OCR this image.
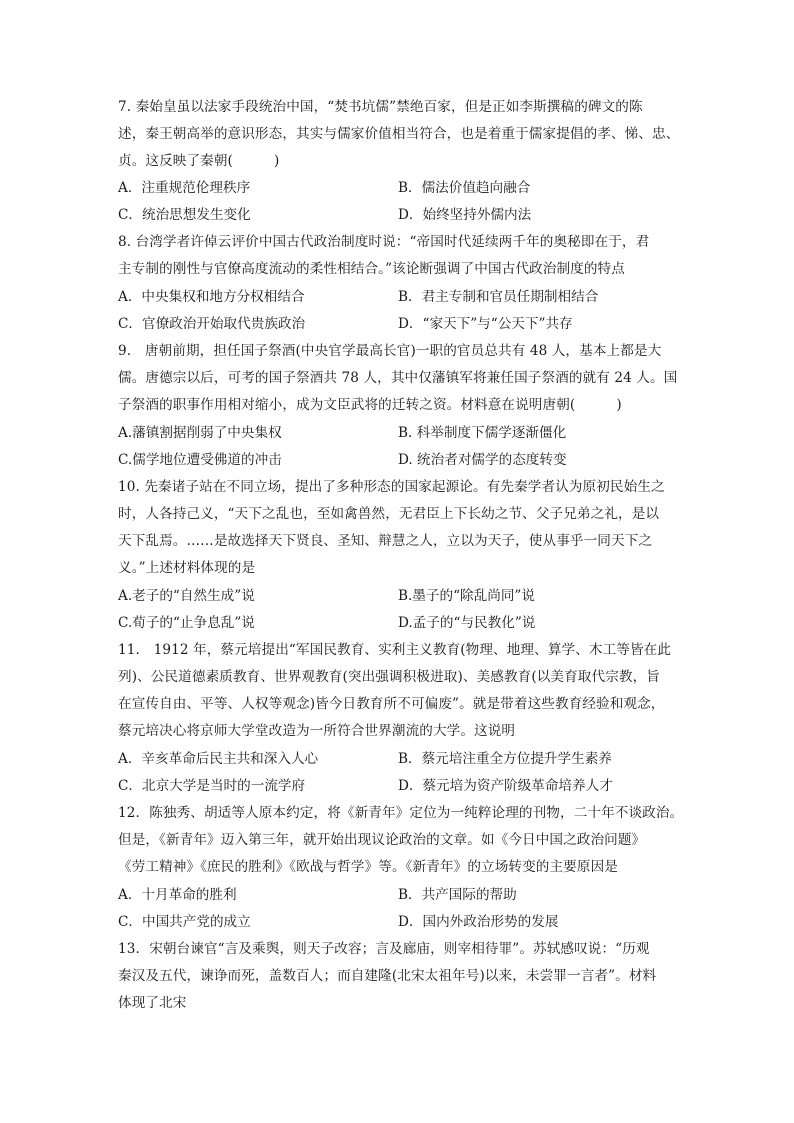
7. 秦始皇虽以法家手段统治中国，“焚书坑儒”禁绝百家，但是正如李斯撰稿的碑文的陈
述，秦王朝高举的意识形态，其实与儒家价值相当符合，也是着重于儒家提倡的孝、悌、忠、
贞。这反映了秦朝(　　　)
A．注重规范伦理秩序	B．儒法价值趋向融合
C．统治思想发生变化	D．始终坚持外儒内法
8. 台湾学者许倬云评价中国古代政治制度时说：“帝国时代延续两千年的奥秘即在于，君
主专制的刚性与官僚高度流动的柔性相结合。”该论断强调了中国古代政治制度的特点
A．中央集权和地方分权相结合	B．君主专制和官员任期制相结合
C．官僚政治开始取代贵族政治	D．“家天下”与“公天下”共存
9.　唐朝前期，担任国子祭酒(中央官学最高长官)一职的官员总共有 48 人，基本上都是大
儒。唐德宗以后，可考的国子祭酒共 78 人，其中仅藩镇军将兼任国子祭酒的就有 24 人。国
子祭酒的职事作用相对缩小，成为文臣武将的迁转之资。材料意在说明唐朝(　　　)
A.藩镇割据削弱了中央集权	B. 科举制度下儒学逐渐僵化
C.儒学地位遭受佛道的冲击	D. 统治者对儒学的态度转变
10. 先秦诸子站在不同立场，提出了多种形态的国家起源论。有先秦学者认为原初民始生之
时，人各持己义，“天下之乱也，至如禽兽然，无君臣上下长幼之节、父子兄弟之礼，是以
天下乱焉。……是故选择天下贤良、圣知、辩慧之人，立以为天子，使从事乎一同天下之
义。”上述材料体现的是
A.老子的“自然生成”说	B.墨子的“除乱尚同”说
C.荀子的“止争息乱”说	D.孟子的“与民教化”说
11.　1912 年，蔡元培提出“军国民教育、实利主义教育(物理、地理、算学、木工等皆在此
列)、公民道德素质教育、世界观教育(突出强调积极进取)、美感教育(以美育取代宗教，旨
在宣传自由、平等、人权等观念)皆今日教育所不可偏废”。就是带着这些教育经验和观念，
蔡元培决心将京师大学堂改造为一所符合世界潮流的大学。这说明
A．辛亥革命后民主共和深入人心	B．蔡元培注重全方位提升学生素养
C．北京大学是当时的一流学府	D．蔡元培为资产阶级革命培养人才
12．陈独秀、胡适等人原本约定，将《新青年》定位为一纯粹论理的刊物，二十年不谈政治。
但是，《新青年》迈入第三年，就开始出现议论政治的文章。如《今日中国之政治问题》
《劳工精神》《庶民的胜利》《欧战与哲学》等。《新青年》的立场转变的主要原因是
A．十月革命的胜利	B．共产国际的帮助
C．中国共产党的成立	D．国内外政治形势的发展
13．宋朝台谏官“言及乘舆，则天子改容；言及廊庙，则宰相待罪”。苏轼感叹说：“历观
秦汉及五代，谏诤而死，盖数百人；而自建隆(北宋太祖年号)以来，未尝罪一言者”。材料
体现了北宋
